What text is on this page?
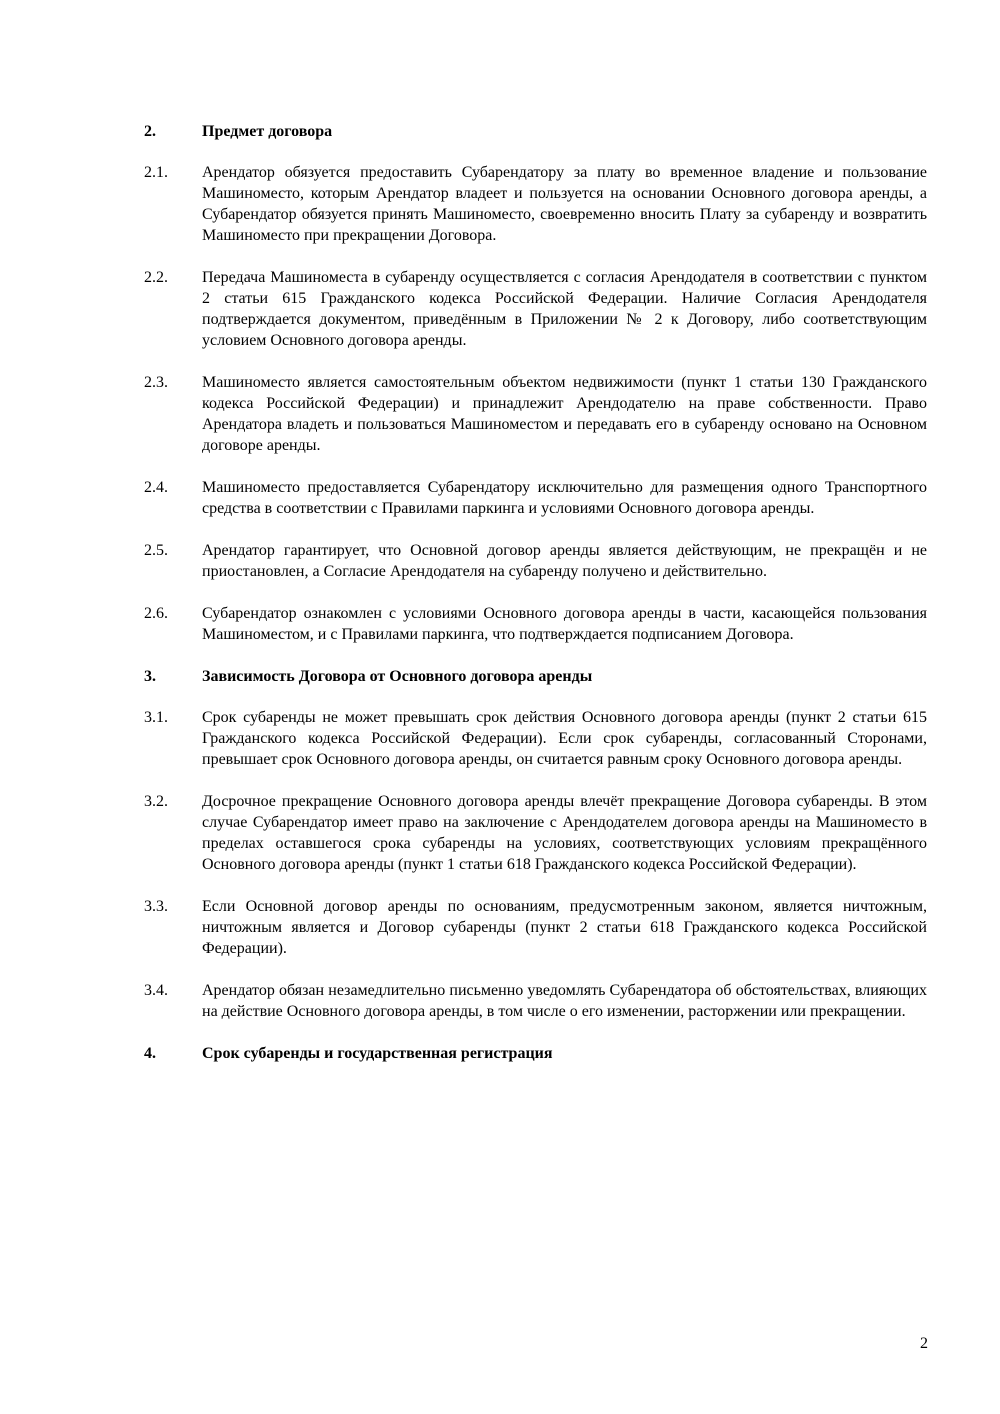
2.	Предмет договора
2.1.	Арендатор обязуется предоставить Субарендатору за плату во временное владение и пользование Машиноместо, которым Арендатор владеет и пользуется на основании Основного договора аренды, а Субарендатор обязуется принять Машиноместо, своевременно вносить Плату за субаренду и возвратить Машиноместо при прекращении Договора.
2.2.	Передача Машиноместа в субаренду осуществляется с согласия Арендодателя в соответствии с пунктом 2 статьи 615 Гражданского кодекса Российской Федерации. Наличие Согласия Арендодателя подтверждается документом, приведённым в Приложении № 2 к Договору, либо соответствующим условием Основного договора аренды.
2.3.	Машиноместо является самостоятельным объектом недвижимости (пункт 1 статьи 130 Гражданского кодекса Российской Федерации) и принадлежит Арендодателю на праве собственности. Право Арендатора владеть и пользоваться Машиноместом и передавать его в субаренду основано на Основном договоре аренды.
2.4.	Машиноместо предоставляется Субарендатору исключительно для размещения одного Транспортного средства в соответствии с Правилами паркинга и условиями Основного договора аренды.
2.5.	Арендатор гарантирует, что Основной договор аренды является действующим, не прекращён и не приостановлен, а Согласие Арендодателя на субаренду получено и действительно.
2.6.	Субарендатор ознакомлен с условиями Основного договора аренды в части, касающейся пользования Машиноместом, и с Правилами паркинга, что подтверждается подписанием Договора.
3.	Зависимость Договора от Основного договора аренды
3.1.	Срок субаренды не может превышать срок действия Основного договора аренды (пункт 2 статьи 615 Гражданского кодекса Российской Федерации). Если срок субаренды, согласованный Сторонами, превышает срок Основного договора аренды, он считается равным сроку Основного договора аренды.
3.2.	Досрочное прекращение Основного договора аренды влечёт прекращение Договора субаренды. В этом случае Субарендатор имеет право на заключение с Арендодателем договора аренды на Машиноместо в пределах оставшегося срока субаренды на условиях, соответствующих условиям прекращённого Основного договора аренды (пункт 1 статьи 618 Гражданского кодекса Российской Федерации).
3.3.	Если Основной договор аренды по основаниям, предусмотренным законом, является ничтожным, ничтожным является и Договор субаренды (пункт 2 статьи 618 Гражданского кодекса Российской Федерации).
3.4.	Арендатор обязан незамедлительно письменно уведомлять Субарендатора об обстоятельствах, влияющих на действие Основного договора аренды, в том числе о его изменении, расторжении или прекращении.
4.	Срок субаренды и государственная регистрация
2
